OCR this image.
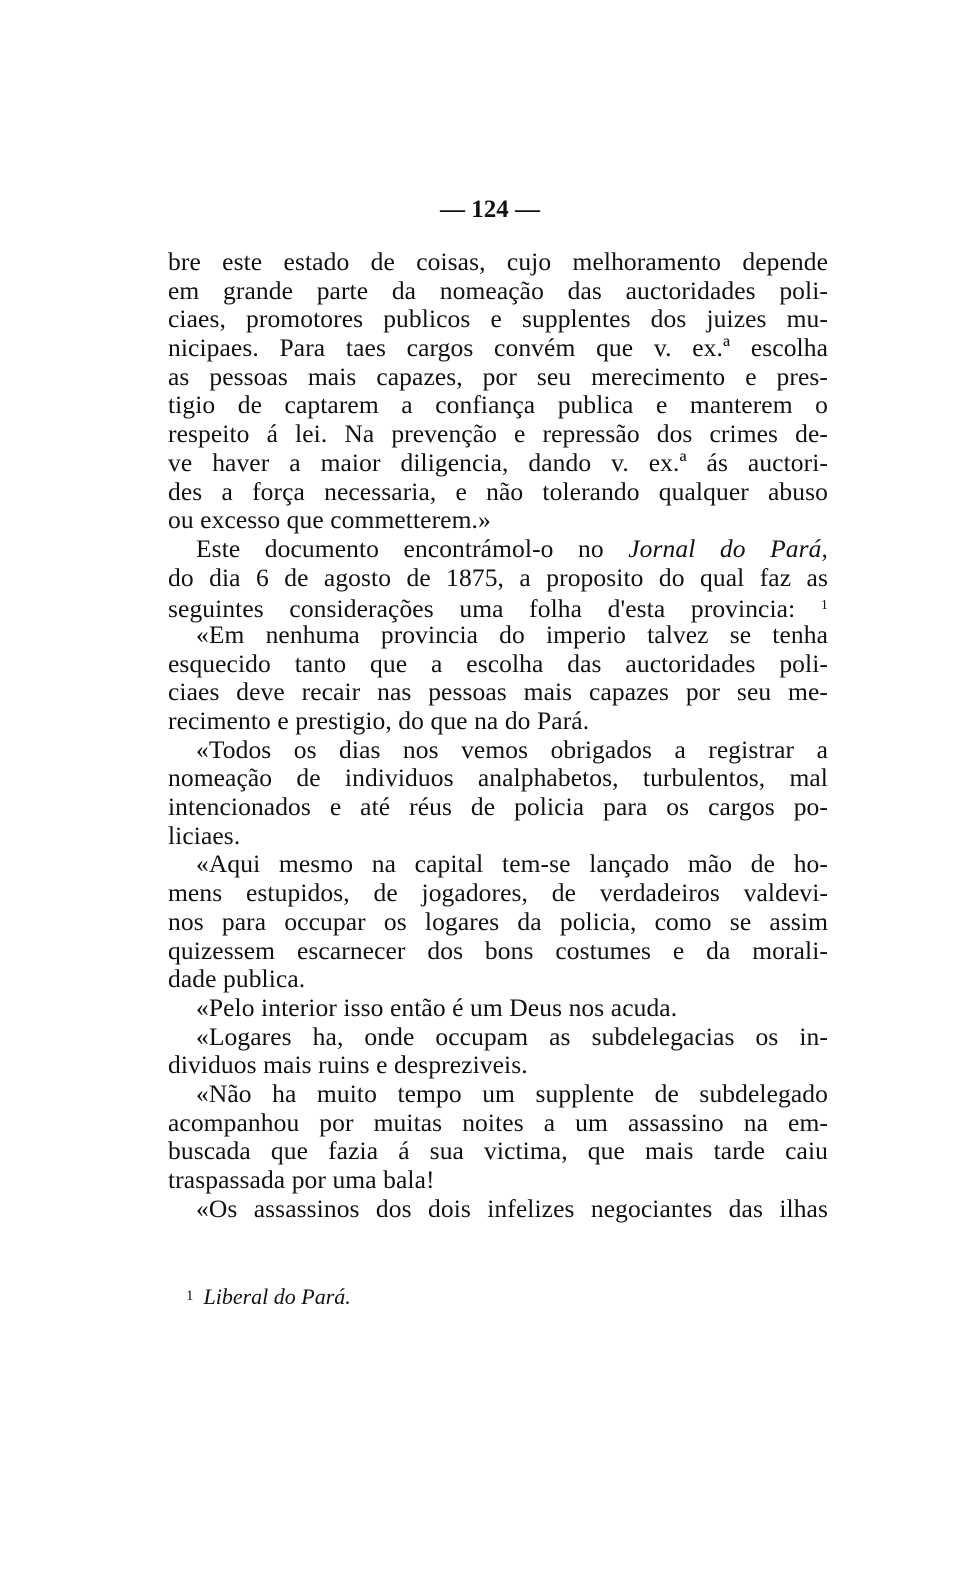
— 124 —
bre este estado de coisas, cujo melhoramento depende
em grande parte da nomeação das auctoridades poli-
ciaes, promotores publicos e supplentes dos juizes mu-
nicipaes. Para taes cargos convém que v. ex.ª escolha
as pessoas mais capazes, por seu merecimento e pres-
tigio de captarem a confiança publica e manterem o
respeito á lei. Na prevenção e repressão dos crimes de-
ve haver a maior diligencia, dando v. ex.ª ás auctori-
des a força necessaria, e não tolerando qualquer abuso
ou excesso que commetterem.»
Este documento encontrámol-o no Jornal do Pará,
do dia 6 de agosto de 1875, a proposito do qual faz as
seguintes considerações uma folha d'esta provincia: $^1$
«Em nenhuma provincia do imperio talvez se tenha
esquecido tanto que a escolha das auctoridades poli-
ciaes deve recair nas pessoas mais capazes por seu me-
recimento e prestigio, do que na do Pará.
«Todos os dias nos vemos obrigados a registrar a
nomeação de individuos analphabetos, turbulentos, mal
intencionados e até réus de policia para os cargos po-
liciaes.
«Aqui mesmo na capital tem-se lançado mão de ho-
mens estupidos, de jogadores, de verdadeiros valdevi-
nos para occupar os logares da policia, como se assim
quizessem escarnecer dos bons costumes e da morali-
dade publica.
«Pelo interior isso então é um Deus nos acuda.
«Logares ha, onde occupam as subdelegacias os in-
dividuos mais ruins e despreziveis.
«Não ha muito tempo um supplente de subdelegado
acompanhou por muitas noites a um assassino na em-
buscada que fazia á sua victima, que mais tarde caiu
traspassada por uma bala!
«Os assassinos dos dois infelizes negociantes das ilhas
1 Liberal do Pará.
